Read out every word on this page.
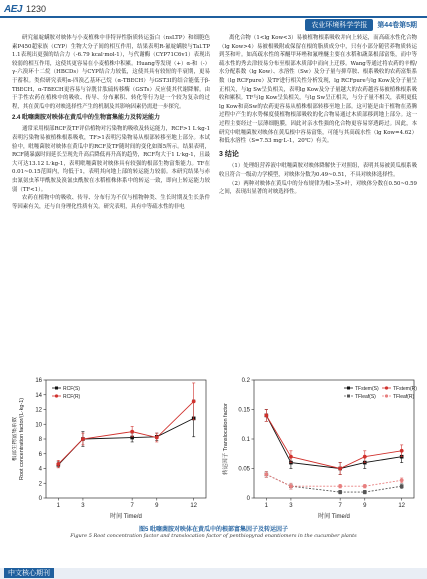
AEJ 1230
农业环境科学学报	第44卷第5期

研究氟啶螨胺对映体与小麦植株中非特异性脂质转运蛋白（nsLTP）和细胞色素P450超家族（CYP）生物大分子间的相互作用，结果表明R-氟啶螨胺与Tal.TP 1.1表现出更强的结合力（-6.79 kcal·mol-1），与代谢酶（CYP71C6v1）表现出较弱的相互作用，这使其更容易在小麦植株中积累。Huang等发现（+）α-和（-）γ-六溴环十二烷（HBCDs）与CYP结合力较低，这使其具有较短的半衰期，更易于蓄积。类似研究表明α-四溴乙基环己烷（α-TBECH）与GST3I的结合能低于β-TBECH，α-TBECH更容易与谷胱甘肽硫转移酶（GSTs）反应使其代谢降解。由于手性农药在植株中的吸收、传导、分布累积、转化等行为是一个较为复杂的过程，其在黄瓜中的对映选择性产生的机制及其影响因素仍需进一步探究。

2.4 吡噻菌胺对映体在黄瓜中的生物富集能力及转运能力

通常采用根部RCF及TF评估植物对污染物的吸收及转运能力，RCF>1 L·kg-1表明污染物易被植株根系吸收，TF>1表明污染物易从根部转移至地上部分。本试验中，吡噻菌胺对映体在黄瓜中的RCF及TF随时间的变化如图5所示。结果表明，RCF随暴露时间延长呈现先升高后降低再升高的趋势，RCF均大于1 L·kg-1，且最大可达13.12 L·kg-1，表明吡噻菌胺对映体具有较强的根部生物富集能力。TF在0.01~0.15范围内，均低于1，表明其向地上部的转运能力较弱。本研究结果与赤虫氰氨虫苯甲酰胺及溴氰虫酰胺在水稻植株体系中的转运一致，即向上转运能力较弱（TF<1）。

农药在植物中的吸收、传导、分布行为不仅与植物种类、生长时期及生长条件等因素有关，还与自身理化性质有关。研究表明，具有中等疏水性的非电

离化合物（1<lg Kow<3）易被植物根系吸收并向上转运，而高疏水性化合物（lg Kow>4）易被根吸附或保留在根的脂质成分中，只有小部分随营养物质转运到茎和叶。如高疏水性的苯醚甲环唑和氟唑醚主要在水稻和蔬菜根部富集，而中等疏水性的秀去津较易分布至根部木质部中而向上迁移。Wang等通过将农药的辛醇/水分配系数（lg Kow）、水溶性（Sw）及分子量与抑草胺、根系吸收的农药富集系数（lg RCFpure）及TF进行相关性分析发现，lg RCFpure与lg Kow及分子量呈正相关，与lg Sw呈负相关，表明lg Kow及分子量越大的农药越容易被植株根系吸收和累积。TF与lg Kow呈负相关，与lg Sw呈正相关，与分子量不相关，表明更低lg Kow和高Sw的农药更容易从植株根部转移至地上部。这可能是由于植物在蒸腾过程中产生的水势梯度使植物根部吸收的化合物易通过木质部移到地上部分。这一过程主要经过一层薄细胞膜，因此对亲水性强的化合物更容易穿透跨过。因此，本研究中吡噻菌胺对映体在黄瓜根中容易富集，可能与其高疏水性（lg Kow=4.62）和低水溶性（S=7.53 mg·L-1，20℃）有关。

3 结论

（1）处理组营养液中吡噻菌胺对映体降解快于对照组，表明其易被黄瓜根系吸收且符合一级动力学模型，对映体分数为0.49~0.51，不具对映体选择性。

（2）两种对映体在黄瓜中的分布规律为根>茎>叶，对映体分数在0.50~0.59之间，表现出显著的对映选择性。

0
2
4
6
8
10
12
14
16
1	3	7	9	12
时间 Time/d
根部生物富集系数Root concentration factor/(L·kg-1)
RCF(S)
RCF(R)
0
0.05
0.1
0.15
0.2
1	3	7	9	12
时间 Time/d
转运因子 Translocation factor
TFstem(S)	TFstem(R)
TFleaf(S)	TFleaf(R)
图5 吡噻菌胺对映体在黄瓜中的根部富集因子及转运因子
Figure 5 Root concentration factor and translocation factor of penthiopyrad enantiomers in the cucumber plants
中文核心期刊
